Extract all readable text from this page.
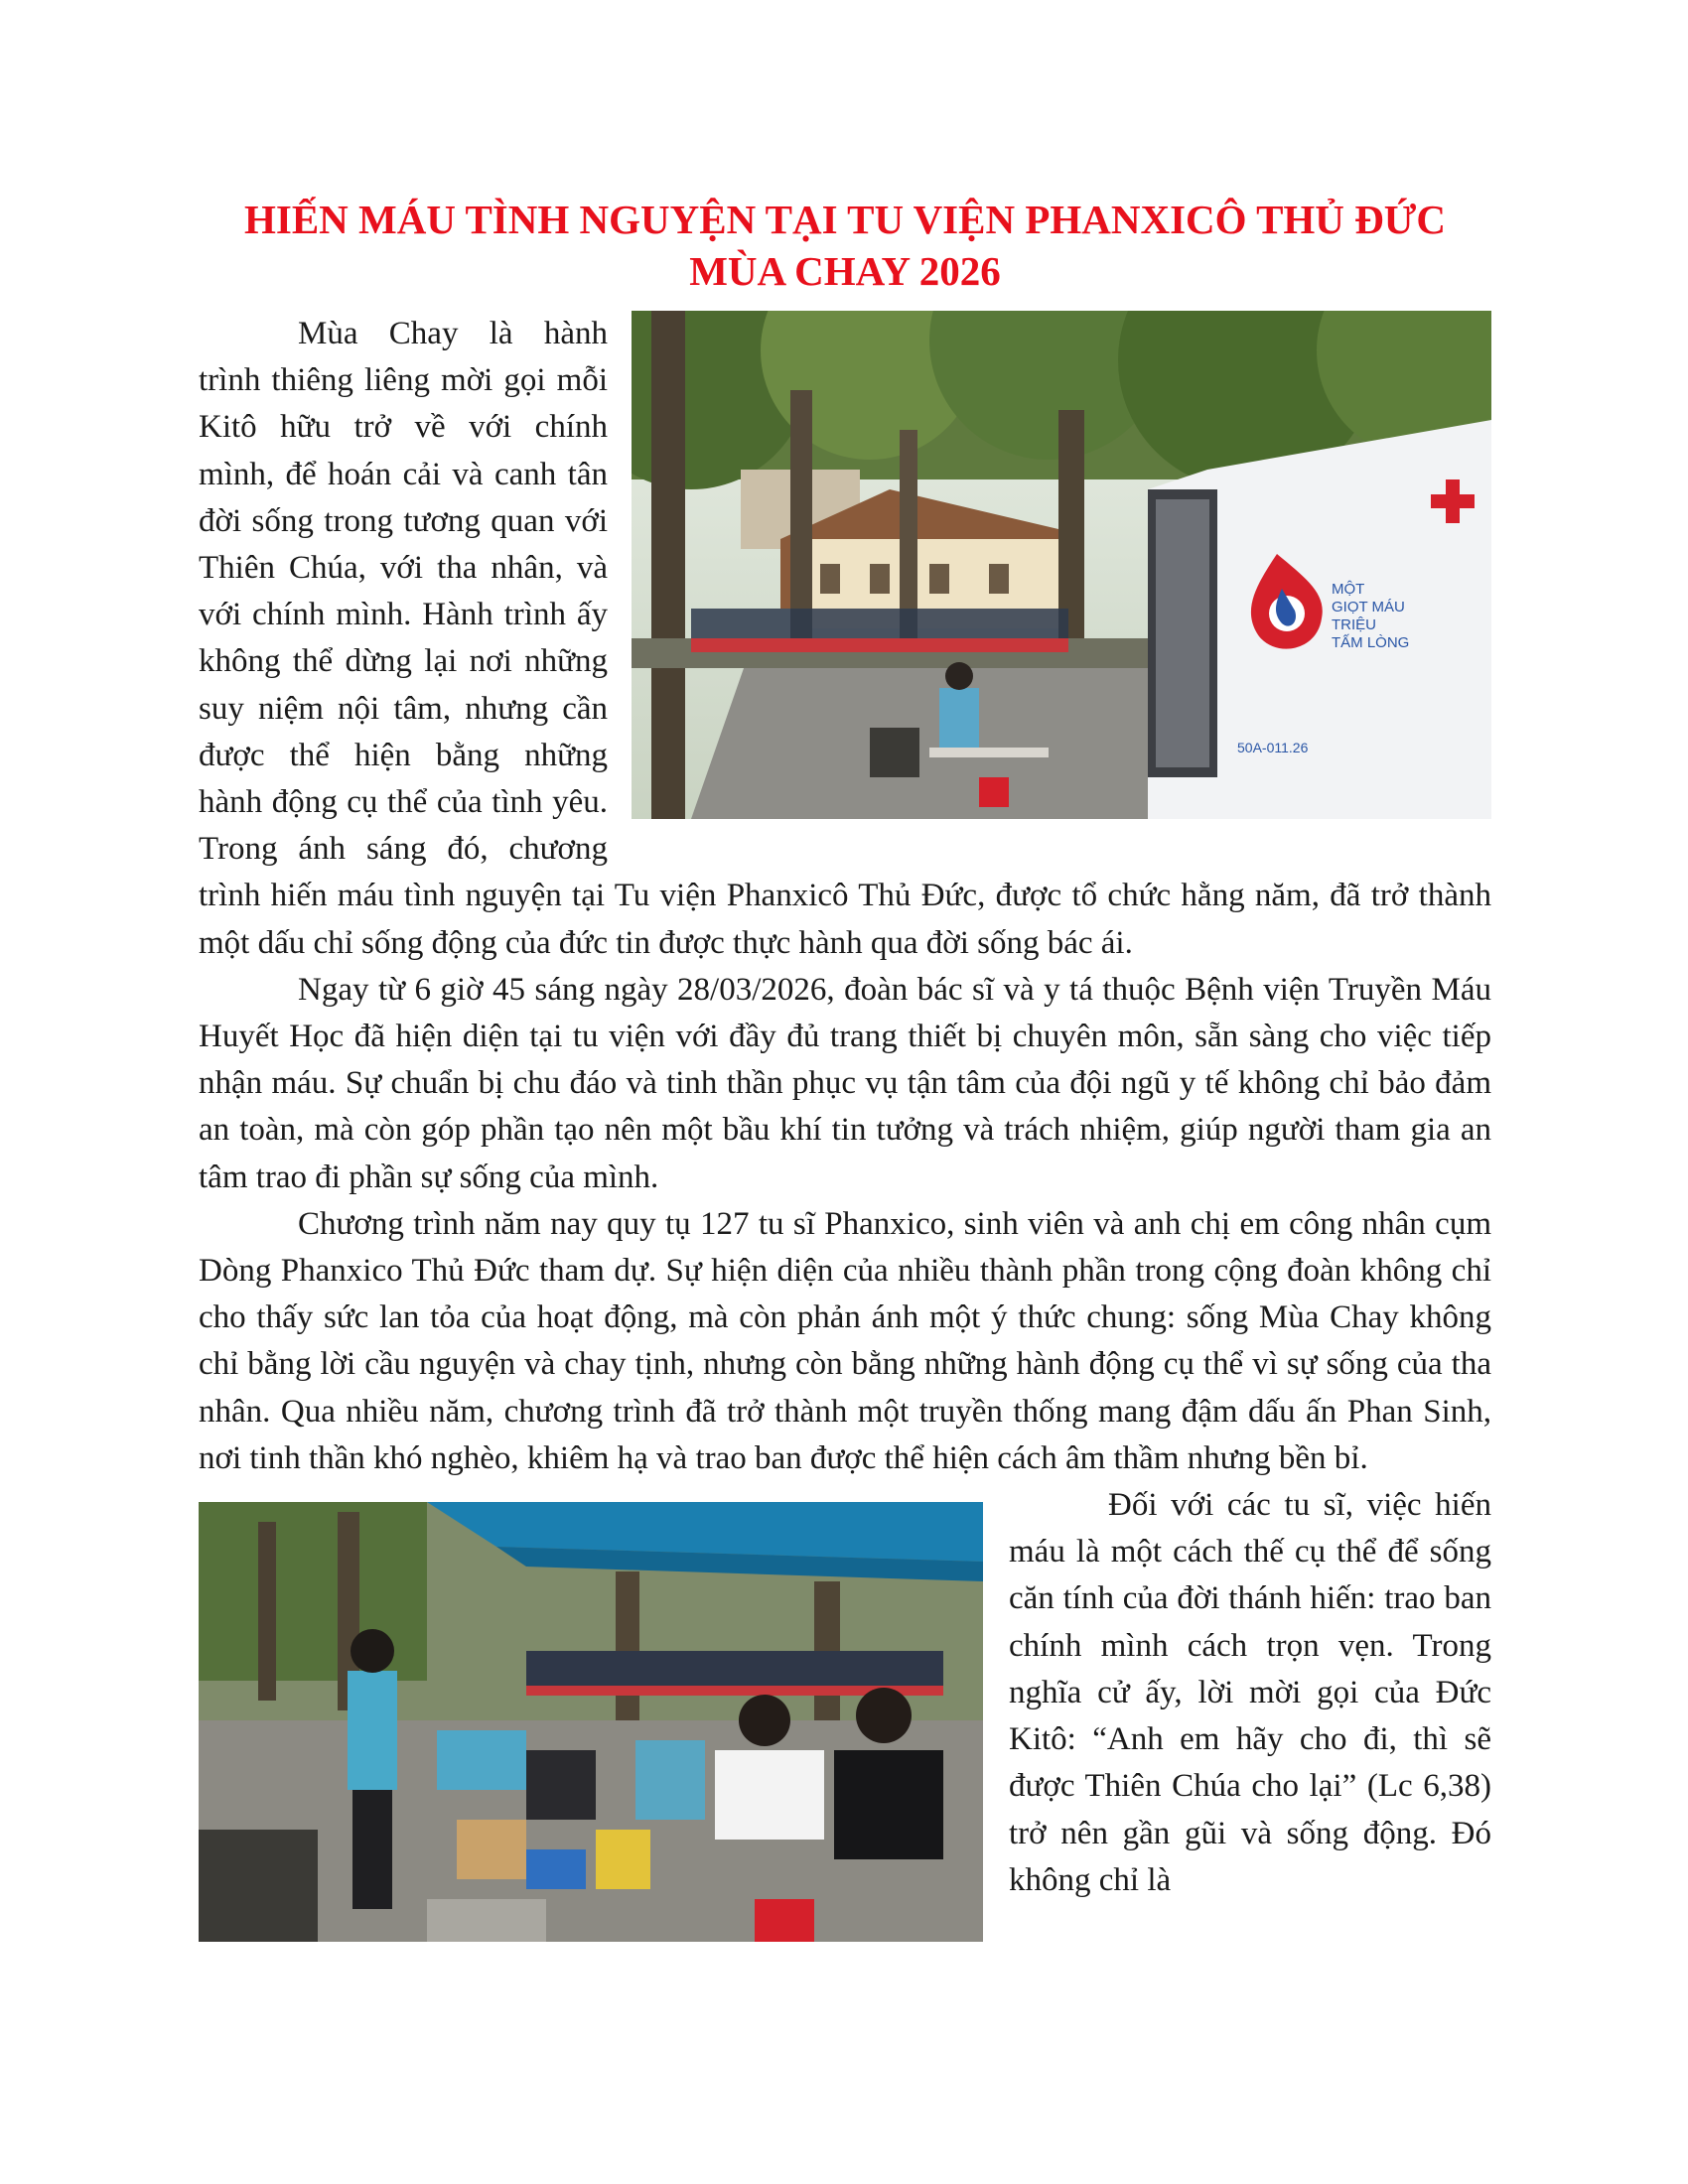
HIẾN MÁU TÌNH NGUYỆN TẠI TU VIỆN PHANXICÔ THỦ ĐỨC
MÙA CHAY 2026
MỘT GIỌT MÁU TRIỆU TẤM LÒNG
50A-011.26

Mùa Chay là hành trình thiêng liêng mời gọi mỗi Kitô hữu trở về với chính mình, để hoán cải và canh tân đời sống trong tương quan với Thiên Chúa, với tha nhân, và với chính mình. Hành trình ấy không thể dừng lại nơi những suy niệm nội tâm, nhưng cần được thể hiện bằng những hành động cụ thể của tình yêu. Trong ánh sáng đó, chương trình hiến máu tình nguyện tại Tu viện Phanxicô Thủ Đức, được tổ chức hằng năm, đã trở thành một dấu chỉ sống động của đức tin được thực hành qua đời sống bác ái.

Ngay từ 6 giờ 45 sáng ngày 28/03/2026, đoàn bác sĩ và y tá thuộc Bệnh viện Truyền Máu Huyết Học đã hiện diện tại tu viện với đầy đủ trang thiết bị chuyên môn, sẵn sàng cho việc tiếp nhận máu. Sự chuẩn bị chu đáo và tinh thần phục vụ tận tâm của đội ngũ y tế không chỉ bảo đảm an toàn, mà còn góp phần tạo nên một bầu khí tin tưởng và trách nhiệm, giúp người tham gia an tâm trao đi phần sự sống của mình.

Chương trình năm nay quy tụ 127 tu sĩ Phanxico, sinh viên và anh chị em công nhân cụm Dòng Phanxico Thủ Đức tham dự. Sự hiện diện của nhiều thành phần trong cộng đoàn không chỉ cho thấy sức lan tỏa của hoạt động, mà còn phản ánh một ý thức chung: sống Mùa Chay không chỉ bằng lời cầu nguyện và chay tịnh, nhưng còn bằng những hành động cụ thể vì sự sống của tha nhân. Qua nhiều năm, chương trình đã trở thành một truyền thống mang đậm dấu ấn Phan Sinh, nơi tinh thần khó nghèo, khiêm hạ và trao ban được thể hiện cách âm thầm nhưng bền bỉ.

Đối với các tu sĩ, việc hiến máu là một cách thế cụ thể để sống căn tính của đời thánh hiến: trao ban chính mình cách trọn vẹn. Trong nghĩa cử ấy, lời mời gọi của Đức Kitô: “Anh em hãy cho đi, thì sẽ được Thiên Chúa cho lại” (Lc 6,38) trở nên gần gũi và sống động. Đó không chỉ là
